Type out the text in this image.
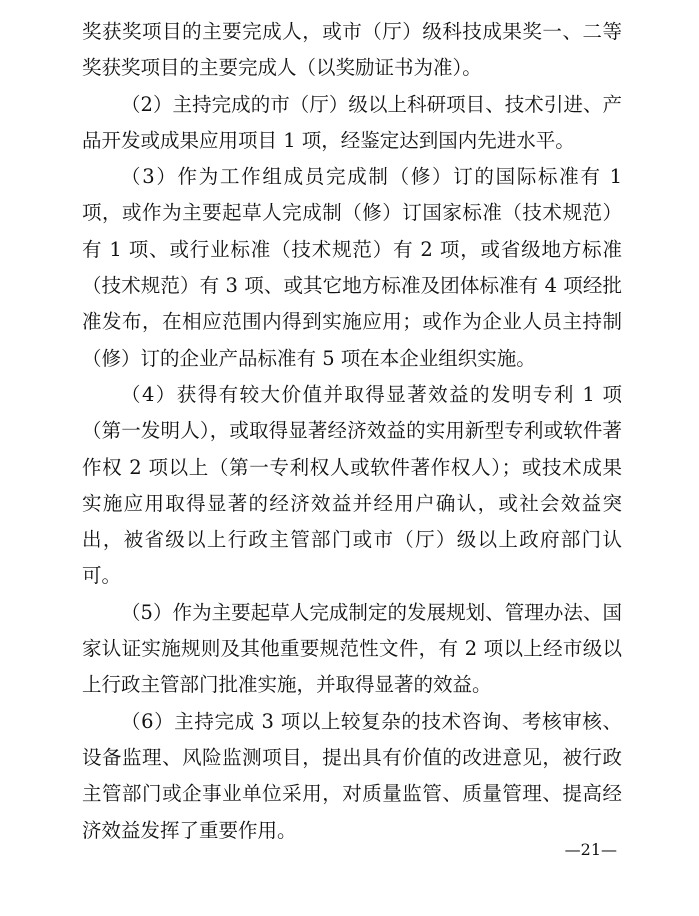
奖获奖项目的主要完成人，或市（厅）级科技成果奖一、二等奖获奖项目的主要完成人（以奖励证书为准）。

（2）主持完成的市（厅）级以上科研项目、技术引进、产品开发或成果应用项目 1 项，经鉴定达到国内先进水平。

（3）作为工作组成员完成制（修）订的国际标准有 1 项，或作为主要起草人完成制（修）订国家标准（技术规范）有 1 项、或行业标准（技术规范）有 2 项，或省级地方标准（技术规范）有 3 项、或其它地方标准及团体标准有 4 项经批准发布，在相应范围内得到实施应用；或作为企业人员主持制（修）订的企业产品标准有 5 项在本企业组织实施。

（4）获得有较大价值并取得显著效益的发明专利 1 项（第一发明人），或取得显著经济效益的实用新型专利或软件著作权 2 项以上（第一专利权人或软件著作权人）；或技术成果实施应用取得显著的经济效益并经用户确认，或社会效益突出，被省级以上行政主管部门或市（厅）级以上政府部门认可。

（5）作为主要起草人完成制定的发展规划、管理办法、国家认证实施规则及其他重要规范性文件，有 2 项以上经市级以上行政主管部门批准实施，并取得显著的效益。

（6）主持完成 3 项以上较复杂的技术咨询、考核审核、设备监理、风险监测项目，提出具有价值的改进意见，被行政主管部门或企事业单位采用，对质量监管、质量管理、提高经济效益发挥了重要作用。

—21—
